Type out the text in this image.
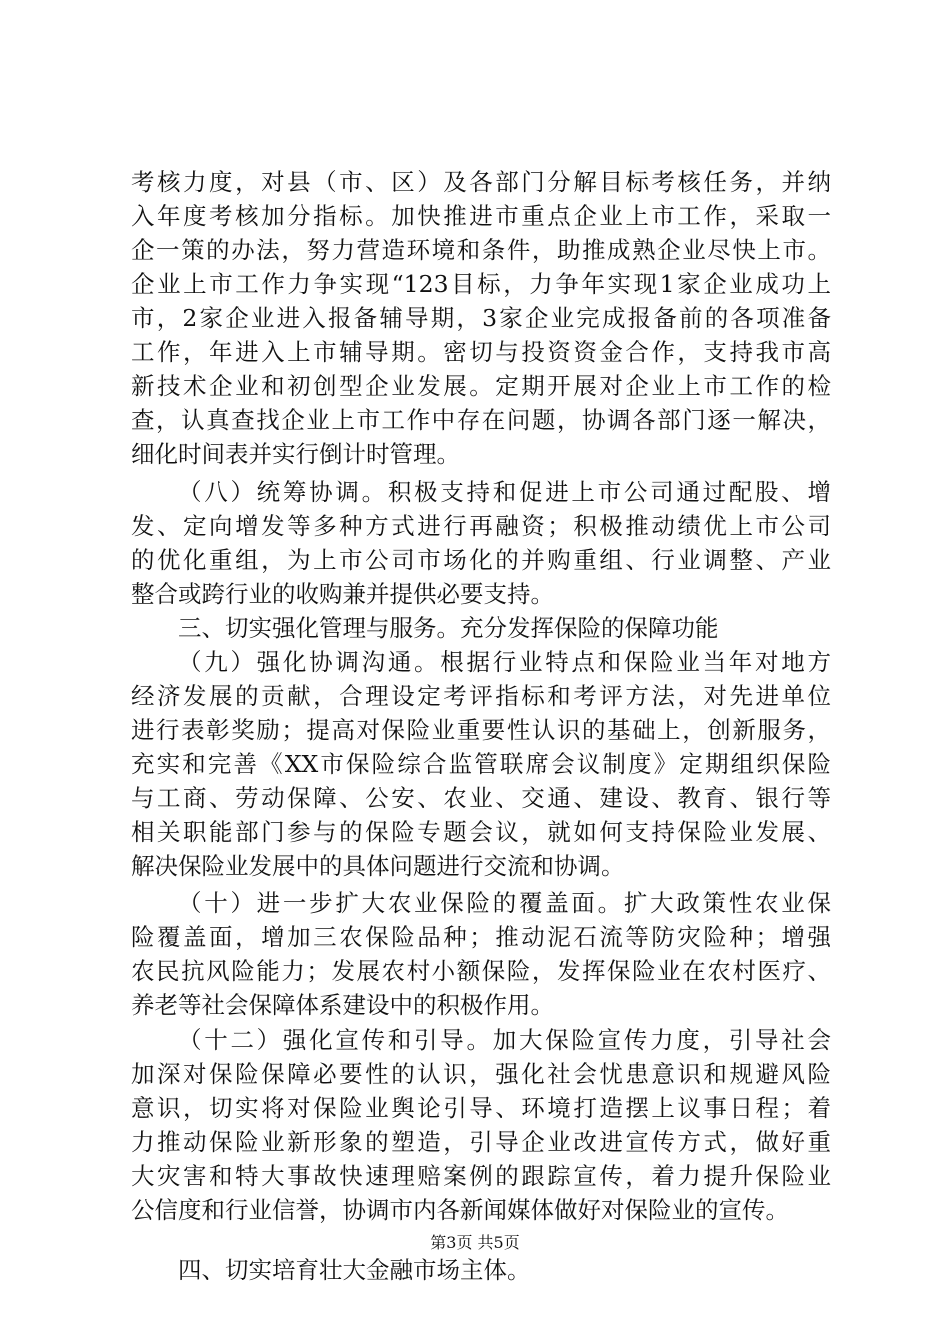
考核力度，对县（市、区）及各部门分解目标考核任务，并纳
入年度考核加分指标。加快推进市重点企业上市工作，采取一
企一策的办法，努力营造环境和条件，助推成熟企业尽快上市。
企业上市工作力争实现“123目标，力争年实现1家企业成功上
市，2家企业进入报备辅导期，3家企业完成报备前的各项准备
工作，年进入上市辅导期。密切与投资资金合作，支持我市高
新技术企业和初创型企业发展。定期开展对企业上市工作的检
查，认真查找企业上市工作中存在问题，协调各部门逐一解决，
细化时间表并实行倒计时管理。
（八）统筹协调。积极支持和促进上市公司通过配股、增
发、定向增发等多种方式进行再融资；积极推动绩优上市公司
的优化重组，为上市公司市场化的并购重组、行业调整、产业
整合或跨行业的收购兼并提供必要支持。
三、切实强化管理与服务。充分发挥保险的保障功能
（九）强化协调沟通。根据行业特点和保险业当年对地方
经济发展的贡献，合理设定考评指标和考评方法，对先进单位
进行表彰奖励；提高对保险业重要性认识的基础上，创新服务，
充实和完善《XX市保险综合监管联席会议制度》定期组织保险
与工商、劳动保障、公安、农业、交通、建设、教育、银行等
相关职能部门参与的保险专题会议，就如何支持保险业发展、
解决保险业发展中的具体问题进行交流和协调。
（十）进一步扩大农业保险的覆盖面。扩大政策性农业保
险覆盖面，增加三农保险品种；推动泥石流等防灾险种；增强
农民抗风险能力；发展农村小额保险，发挥保险业在农村医疗、
养老等社会保障体系建设中的积极作用。
（十二）强化宣传和引导。加大保险宣传力度，引导社会
加深对保险保障必要性的认识，强化社会忧患意识和规避风险
意识，切实将对保险业舆论引导、环境打造摆上议事日程；着
力推动保险业新形象的塑造，引导企业改进宣传方式，做好重
大灾害和特大事故快速理赔案例的跟踪宣传，着力提升保险业
公信度和行业信誉，协调市内各新闻媒体做好对保险业的宣传。
四、切实培育壮大金融市场主体。
第3页 共5页
